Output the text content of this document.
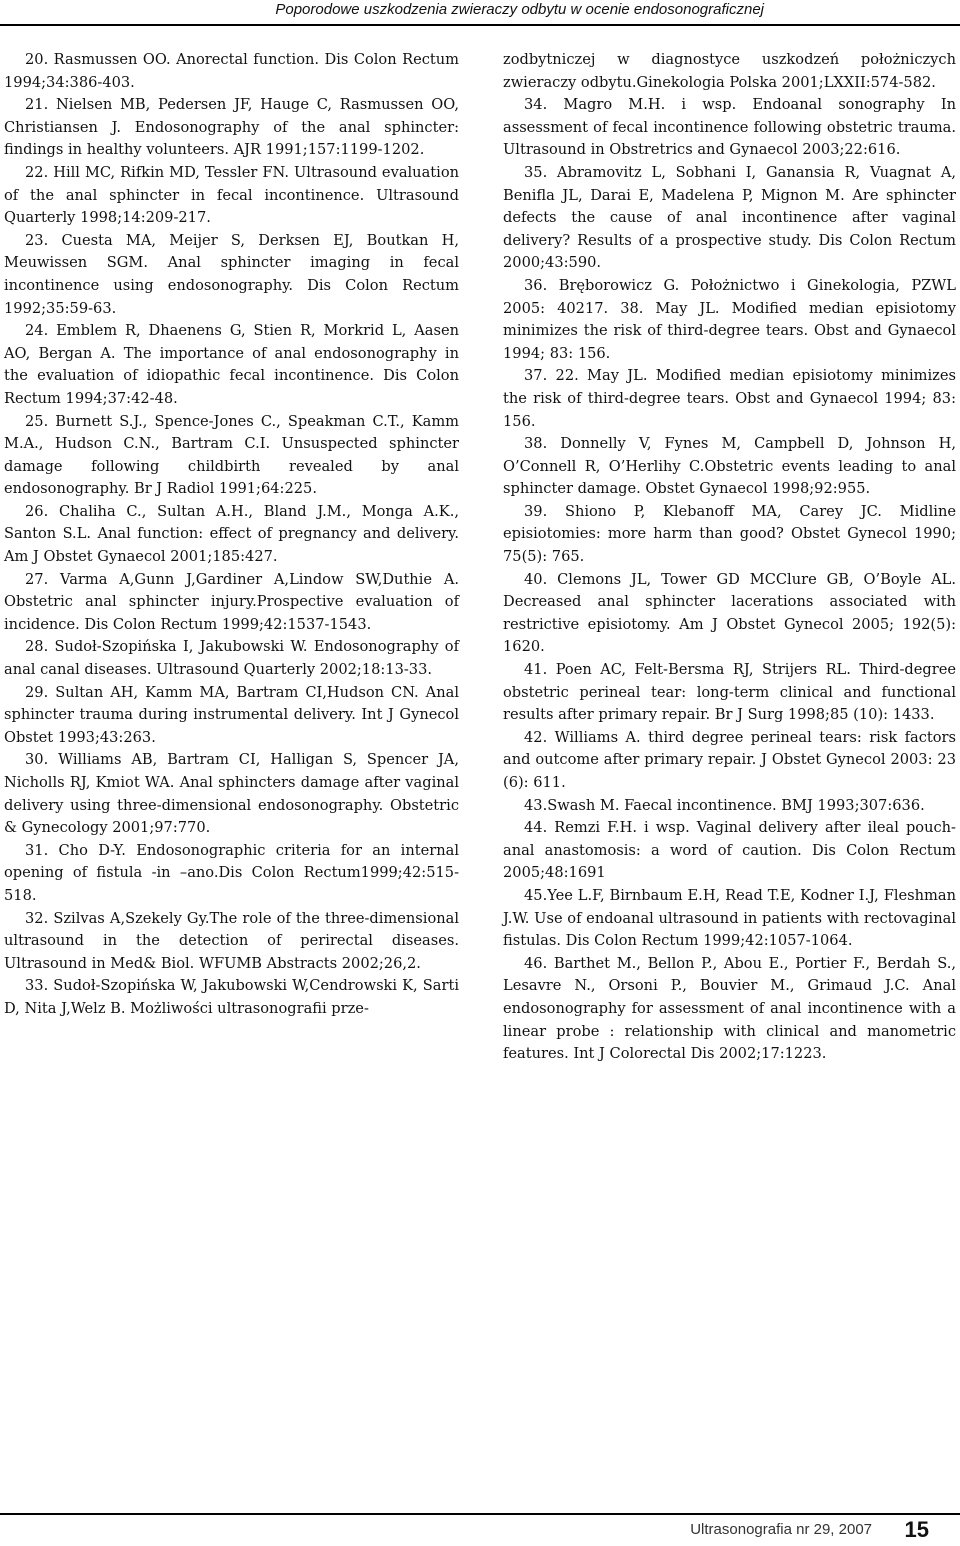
Poporodowe uszkodzenia zwieraczy odbytu w ocenie endosonograficznej

20. Rasmussen OO. Anorectal function. Dis Colon Rectum 1994;34:386-403.

21. Nielsen MB, Pedersen JF, Hauge C, Rasmussen OO, Christiansen J. Endosonography of the anal sphincter: findings in healthy volunteers. AJR 1991;157:1199-1202.

22. Hill MC, Rifkin MD, Tessler FN. Ultrasound evaluation of the anal sphincter in fecal incontinence. Ultrasound Quarterly 1998;14:209-217.

23. Cuesta MA, Meijer S, Derksen EJ, Boutkan H, Meuwissen SGM. Anal sphincter imaging in fecal incontinence using endosonography. Dis Colon Rectum 1992;35:59-63.

24. Emblem R, Dhaenens G, Stien R, Morkrid L, Aasen AO, Bergan A. The importance of anal endosonography in the evaluation of idiopathic fecal incontinence. Dis Colon Rectum 1994;37:42-48.

25. Burnett S.J., Spence-Jones C., Speakman C.T., Kamm M.A., Hudson C.N., Bartram C.I. Unsuspected sphincter damage following childbirth revealed by anal endosonography. Br J Radiol 1991;64:225.

26. Chaliha C., Sultan A.H., Bland J.M., Monga A.K., Santon S.L. Anal function: effect of pregnancy and delivery. Am J Obstet Gynaecol 2001;185:427.

27. Varma A,Gunn J,Gardiner A,Lindow SW,Duthie A. Obstetric anal sphincter injury.Prospective evaluation of incidence. Dis Colon Rectum 1999;42:1537-1543.

28. Sudoł-Szopińska I, Jakubowski W. Endosonography of anal canal diseases. Ultrasound Quarterly 2002;18:13-33.

29. Sultan AH, Kamm MA, Bartram CI,Hudson CN. Anal sphincter trauma during instrumental delivery. Int J Gynecol Obstet 1993;43:263.

30. Williams AB, Bartram CI, Halligan S, Spencer JA, Nicholls RJ, Kmiot WA. Anal sphincters damage after vaginal delivery using three-dimensional endosonography. Obstetric & Gynecology 2001;97:770.

31. Cho D-Y. Endosonographic criteria for an internal opening of fistula -in –ano.Dis Colon Rectum1999;42:515-518.

32. Szilvas A,Szekely Gy.The role of the three-dimensional ultrasound in the detection of perirectal diseases. Ultrasound in Med& Biol. WFUMB Abstracts 2002;26,2.

33. Sudoł-Szopińska W, Jakubowski W,Cendrowski K, Sarti D, Nita J,Welz B. Możliwości ultrasonografii prze-

zodbytniczej w diagnostyce uszkodzeń położniczych zwieraczy odbytu.Ginekologia Polska 2001;LXXII:574-582.

34. Magro M.H. i wsp. Endoanal sonography In assessment of fecal incontinence following obstetric trauma. Ultrasound in Obstretrics and Gynaecol 2003;22:616.

35. Abramovitz L, Sobhani I, Ganansia R, Vuagnat A, Benifla JL, Darai E, Madelena P, Mignon M. Are sphincter defects the cause of anal incontinence after vaginal delivery? Results of a prospective study. Dis Colon Rectum 2000;43:590.

36. Bręborowicz G. Położnictwo i Ginekologia, PZWL 2005: 40217. 38. May JL. Modified median episiotomy minimizes the risk of third-degree tears. Obst and Gynaecol 1994; 83: 156.

37. 22. May JL. Modified median episiotomy minimizes the risk of third-degree tears. Obst and Gynaecol 1994; 83: 156.

38. Donnelly V, Fynes M, Campbell D, Johnson H, O’Connell R, O’Herlihy C.Obstetric events leading to anal sphincter damage. Obstet Gynaecol 1998;92:955.

39. Shiono P, Klebanoff MA, Carey JC. Midline episiotomies: more harm than good? Obstet Gynecol 1990; 75(5): 765.

40. Clemons JL, Tower GD MCClure GB, O’Boyle AL. Decreased anal sphincter lacerations associated with restrictive episiotomy. Am J Obstet Gynecol 2005; 192(5): 1620.

41. Poen AC, Felt-Bersma RJ, Strijers RL. Third-degree obstetric perineal tear: long-term clinical and functional results after primary repair. Br J Surg 1998;85 (10): 1433.

42. Williams A. third degree perineal tears: risk factors and outcome after primary repair. J Obstet Gynecol 2003: 23 (6): 611.

43.Swash M. Faecal incontinence. BMJ 1993;307:636.

44. Remzi F.H. i wsp. Vaginal delivery after ileal pouch-anal anastomosis: a word of caution. Dis Colon Rectum 2005;48:1691

45.Yee L.F, Birnbaum E.H, Read T.E, Kodner I.J, Fleshman J.W. Use of endoanal ultrasound in patients with rectovaginal fistulas. Dis Colon Rectum 1999;42:1057-1064.

46. Barthet M., Bellon P., Abou E., Portier F., Berdah S., Lesavre N., Orsoni P., Bouvier M., Grimaud J.C. Anal endosonography for assessment of anal incontinence with a linear probe : relationship with clinical and manometric features. Int J Colorectal Dis 2002;17:1223.

Ultrasonografia nr 29, 2007 15
